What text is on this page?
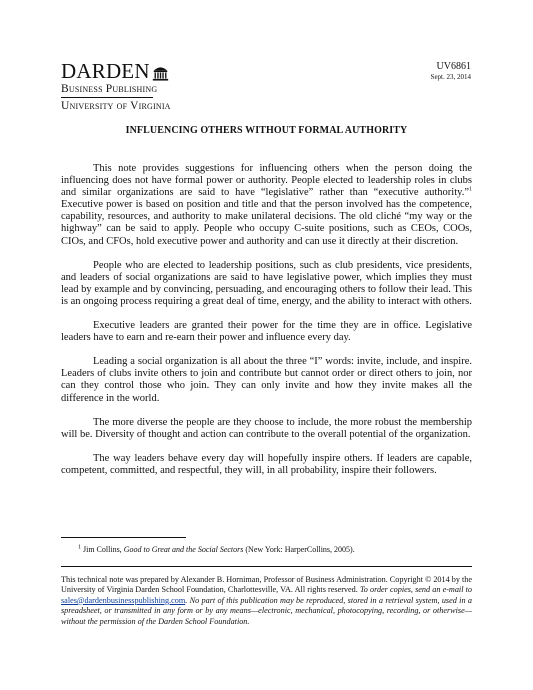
DARDEN
Business Publishing
University of Virginia
UV6861
Sept. 23, 2014
INFLUENCING OTHERS WITHOUT FORMAL AUTHORITY

This note provides suggestions for influencing others when the person doing the influencing does not have formal power or authority. People elected to leadership roles in clubs and similar organizations are said to have “legislative” rather than “executive authority.”$^1$ Executive power is based on position and title and that the person involved has the competence, capability, resources, and authority to make unilateral decisions. The old cliché “my way or the highway” can be said to apply. People who occupy C-suite positions, such as CEOs, COOs, CIOs, and CFOs, hold executive power and authority and can use it directly at their discretion.

People who are elected to leadership positions, such as club presidents, vice presidents, and leaders of social organizations are said to have legislative power, which implies they must lead by example and by convincing, persuading, and encouraging others to follow their lead. This is an ongoing process requiring a great deal of time, energy, and the ability to interact with others.

Executive leaders are granted their power for the time they are in office. Legislative leaders have to earn and re-earn their power and influence every day.

Leading a social organization is all about the three “I” words: invite, include, and inspire. Leaders of clubs invite others to join and contribute but cannot order or direct others to join, nor can they control those who join. They can only invite and how they invite makes all the difference in the world.

The more diverse the people are they choose to include, the more robust the membership will be. Diversity of thought and action can contribute to the overall potential of the organization.

The way leaders behave every day will hopefully inspire others. If leaders are capable, competent, committed, and respectful, they will, in all probability, inspire their followers.

$^1$ Jim Collins, Good to Great and the Social Sectors (New York: HarperCollins, 2005).
This technical note was prepared by Alexander B. Horniman, Professor of Business Administration. Copyright © 2014 by the University of Virginia Darden School Foundation, Charlottesville, VA. All rights reserved. To order copies, send an e-mail to sales@dardenbusinesspublishing.com. No part of this publication may be reproduced, stored in a retrieval system, used in a spreadsheet, or transmitted in any form or by any means—electronic, mechanical, photocopying, recording, or otherwise—without the permission of the Darden School Foundation.
